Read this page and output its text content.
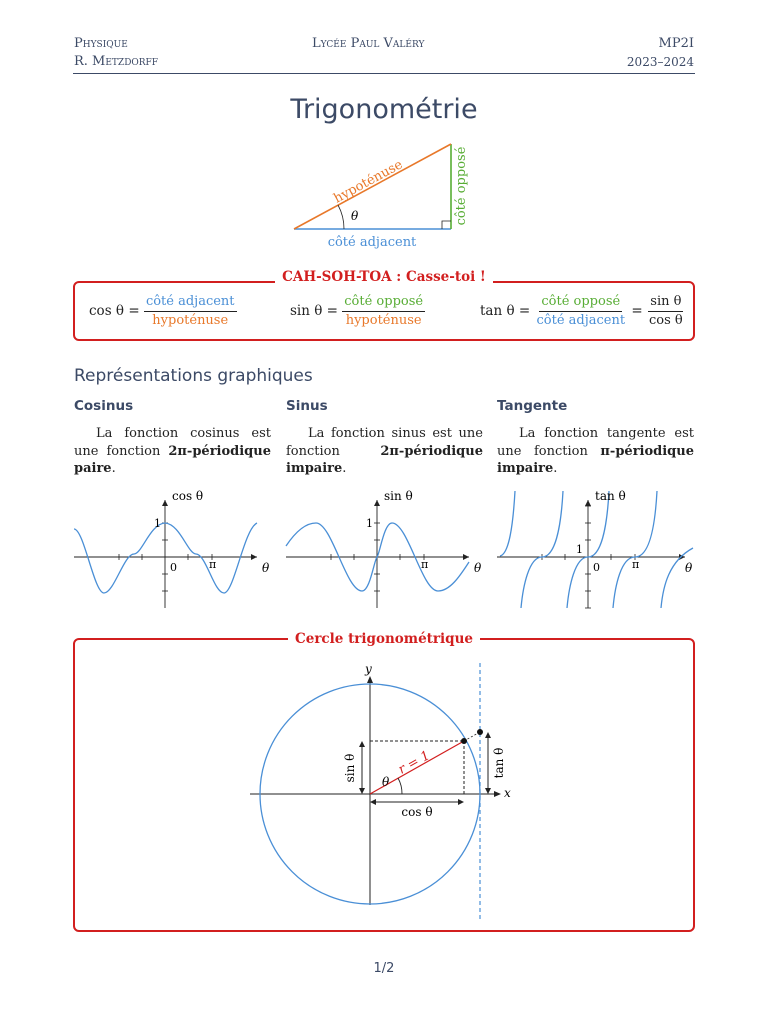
Physique
R. Metzdorff
Lycée Paul Valéry	MP2I
2023–2024
Trigonométrie
θ
côté adjacent
hypoténuse	côté opposé
cos θ =
$\frac{\text{côté adjacent}}{\text{hypoténuse}}$	sin θ =
$\frac{\text{côté opposé}}{\text{hypoténuse}}$	tan θ =
$\frac{\text{côté opposé}}{\text{côté adjacent}}$
=
$\frac{\text{sin θ}}{\text{cos θ}}$
CAH-SOH-TOA : Casse-toi !
Représentations graphiques
Cosinus	Sinus	Tangente

La fonction cosinus est une fonction 2π-périodique paire.

La fonction sinus est une fonction 2π-périodique impaire.

La fonction tangente est une fonction π-périodique impaire.

cos θ
1
0	π	θ
sin θ
1
π	θ
tan θ
1
0	π	θ
Cercle trigonométrique
x
y
θ
r = 1
cos θ
sin θ	tan θ
1/2
